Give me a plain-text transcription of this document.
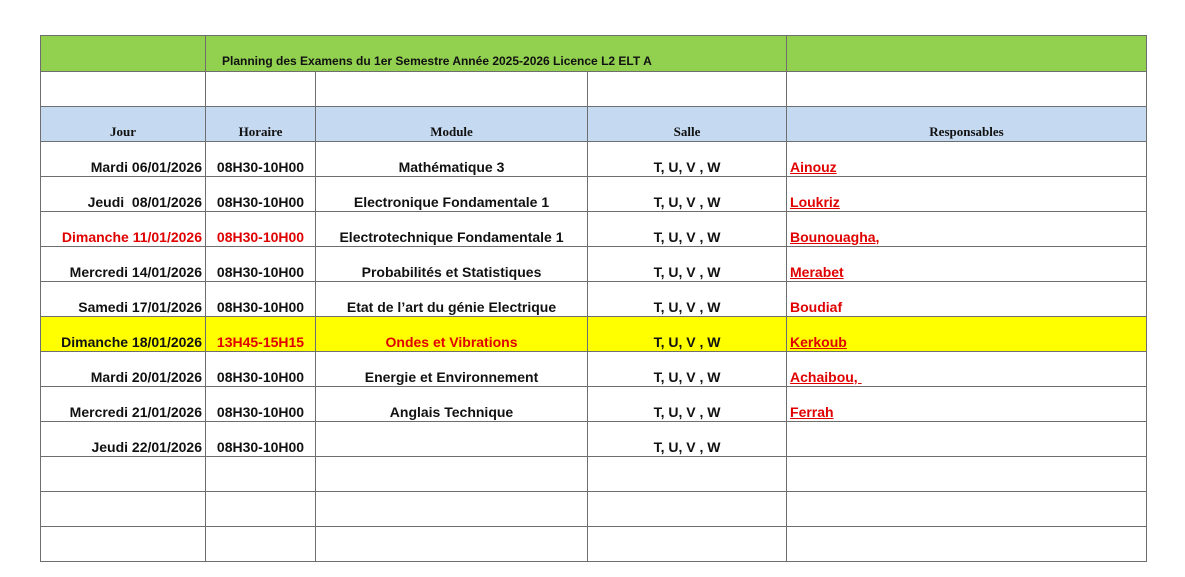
	Planning des Examens du 1er Semestre Année 2025-2026 Licence L2 ELT A			

Jour	Horaire	Module	Salle	Responsables
Mardi 06/01/2026	08H30-10H00	Mathématique 3	T, U, V , W	Ainouz
Jeudi  08/01/2026	08H30-10H00	Electronique Fondamentale 1	T, U, V , W	Loukriz
Dimanche 11/01/2026	08H30-10H00	Electrotechnique Fondamentale 1	T, U, V , W	Bounouagha,
Mercredi 14/01/2026	08H30-10H00	Probabilités et Statistiques	T, U, V , W	Merabet
Samedi 17/01/2026	08H30-10H00	Etat de l’art du génie Electrique	T, U, V , W	Boudiaf
Dimanche 18/01/2026	13H45-15H15	Ondes et Vibrations	T, U, V , W	Kerkoub
Mardi 20/01/2026	08H30-10H00	Energie et Environnement	T, U, V , W	Achaibou,
Mercredi 21/01/2026	08H30-10H00	Anglais Technique	T, U, V , W	Ferrah
Jeudi 22/01/2026	08H30-10H00		T, U, V , W	
